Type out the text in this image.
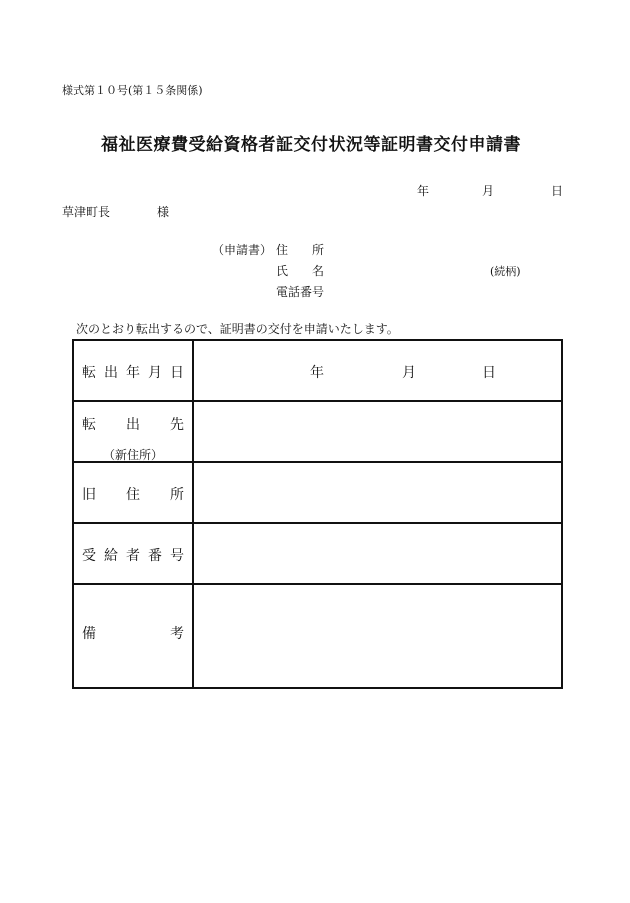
様式第１０号(第１５条関係)
福祉医療費受給資格者証交付状況等証明書交付申請書
年	月	日
草津町長	様
（申請書） 住　　所
氏　　名	(続柄)
電話番号
次のとおり転出するので、証明書の交付を申請いたします。
転 出 年 月 日	年	月	日
転 出 先
（新住所）
旧 住 所
受 給 者 番 号
備	考
